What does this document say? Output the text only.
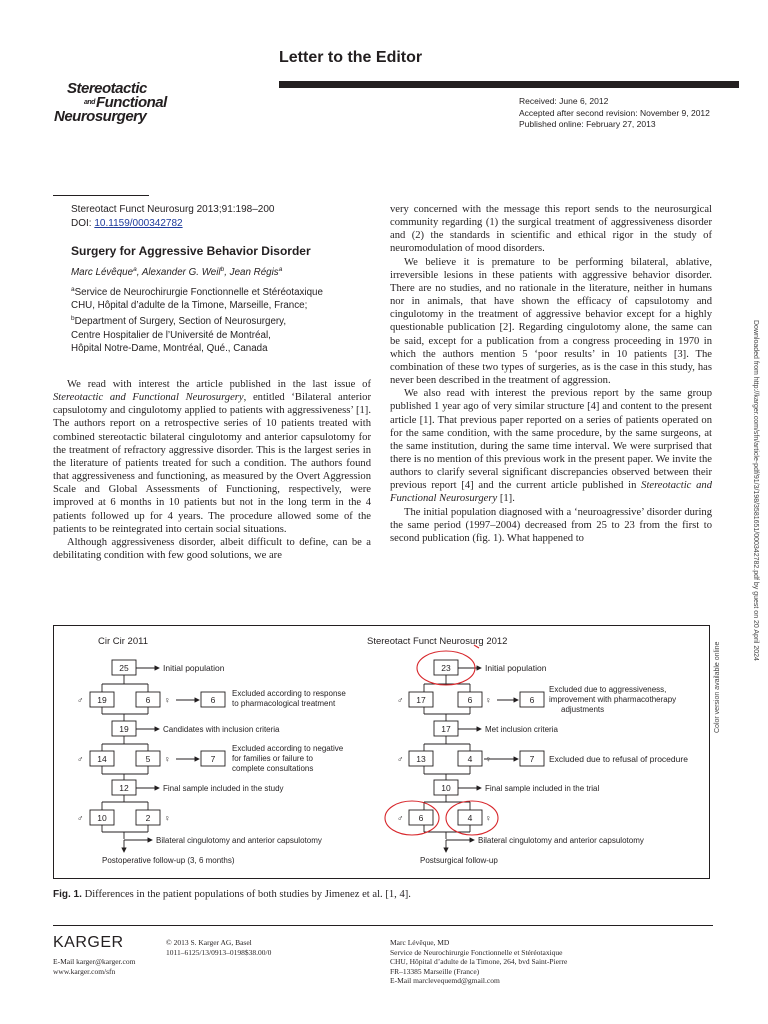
Letter to the Editor
Stereotactic
$^{and}$Functional
Neurosurgery
Received: June 6, 2012
Accepted after second revision: November 9, 2012
Published online: February 27, 2013
Stereotact Funct Neurosurg 2013;91:198–200
DOI: 10.1159/000342782
Surgery for Aggressive Behavior Disorder
Marc Lévêque$^a$, Alexander G. Weil$^b$, Jean Régis$^a$
$^a$Service de Neurochirurgie Fonctionnelle et Stéréotaxique
CHU, Hôpital d’adulte de la Timone, Marseille, France;
$^b$Department of Surgery, Section of Neurosurgery,
Centre Hospitalier de l’Université de Montréal,
Hôpital Notre-Dame, Montréal, Qué., Canada

We read with interest the article published in the last issue of Stereotactic and Functional Neurosurgery, entitled ‘Bilateral anterior capsulotomy and cingulotomy applied to patients with aggressiveness’ [1]. The authors report on a retrospective series of 10 patients treated with combined stereotactic bilateral cingulotomy and anterior capsulotomy for the treatment of refractory aggressive disorder. This is the largest series in the literature of patients treated for such a condition. The authors found that aggressiveness and functioning, as measured by the Overt Aggression Scale and Global Assessments of Functioning, respectively, were improved at 6 months in 10 patients but not in the long term in the 4 patients followed up for 4 years. The procedure allowed some of the patients to be reintegrated into certain social situations.

Although aggressiveness disorder, albeit difficult to define, can be a debilitating condition with few good solutions, we are

very concerned with the message this report sends to the neurosurgical community regarding (1) the surgical treatment of aggressiveness disorder and (2) the standards in scientific and ethical rigor in the study of neuromodulation of mood disorders.

We believe it is premature to be performing bilateral, ablative, irreversible lesions in these patients with aggressive behavior disorder. There are no studies, and no rationale in the literature, neither in humans nor in animals, that have shown the efficacy of capsulotomy and cingulotomy in the treatment of aggressive behavior except for a highly questionable publication [2]. Regarding cingulotomy alone, the same can be said, except for a publication from a congress proceeding in 1970 in which the authors mention 5 ‘poor results’ in 10 patients [3]. The combination of these two types of surgeries, as is the case in this study, has never been described in the treatment of aggression.

We also read with interest the previous report by the same group published 1 year ago of very similar structure [4] and content to the present article [1]. That previous paper reported on a series of patients operated on for the same condition, with the same procedure, by the same surgeons, at the same institution, during the same time interval. We were surprised that there is no mention of this previous work in the present paper. We invite the authors to clarify several significant discrepancies observed between their previous report [4] and the current article published in Stereotactic and Functional Neurosurgery [1].

The initial population diagnosed with a ‘neuroagressive’ disorder during the same period (1997–2004) decreased from 25 to 23 from the first to second publication (fig. 1). What happened to	Downloaded from http://karger.com/sfn/article-pdf/91/3/198/3581651/000342782.pdf by guest on 20 April 2024
Color version available online
Cir Cir 2011	Stereotact Funct Neurosurg 2012
25
19	6	6
19
14	5	7
12
10	2
♂	♀
♂	♀
♂	♀
Initial population
Excluded according to response
to pharmacological treatment
Candidates with inclusion criteria
Excluded according to negative
for families or failure to
complete consultations
Final sample included in the study
Bilateral cingulotomy and anterior capsulotomy
Postoperative follow-up (3, 6 months)
23
17	6	6
17
13	4	7
10
6	4
♂	♀
♂	♀
♂	♀
Initial population
Excluded due to aggressiveness,
improvement with pharmacotherapy
adjustments
Met inclusion criteria
Excluded due to refusal of procedure
Final sample included in the trial
Bilateral cingulotomy and anterior capsulotomy
Postsurgical follow-up
Fig. 1. Differences in the patient populations of both studies by Jimenez et al. [1, 4].
KARGER
E-Mail karger@karger.com
www.karger.com/sfn
© 2013 S. Karger AG, Basel
1011–6125/13/0913–0198$38.00/0
Marc Lévêque, MD
Service de Neurochirurgie Fonctionnelle et Stéréotaxique
CHU, Hôpital d’adulte de la Timone, 264, bvd Saint-Pierre
FR–13385 Marseille (France)
E-Mail marclevequemd@gmail.com
